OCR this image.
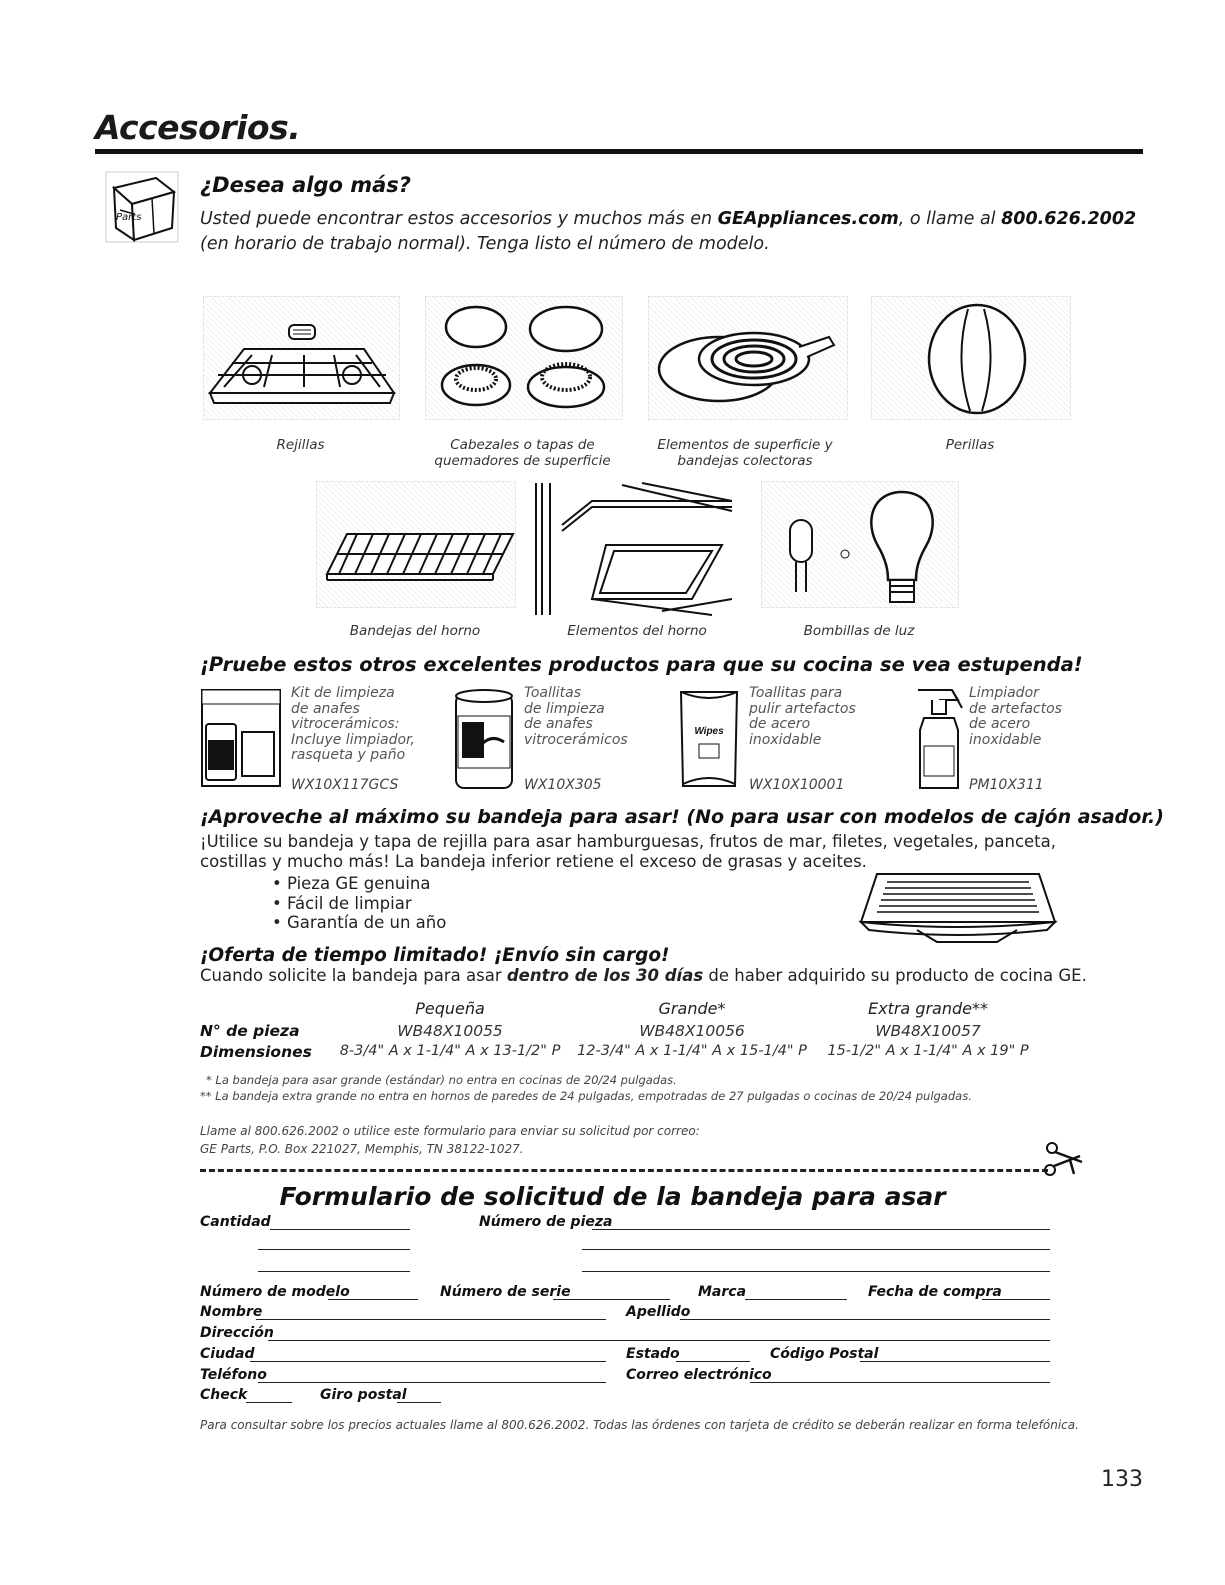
Accesorios.
Parts
¿Desea algo más?
Usted puede encontrar estos accesorios y muchos más en GEAppliances.com, o llame al 800.626.2002
(en horario de trabajo normal). Tenga listo el número de modelo.
Rejillas	Cabezales o tapas de quemadores de superficie
Elementos de superficie y bandejas colectoras
Perillas
Bandejas del horno	Elementos del horno	Bombillas de luz
¡Pruebe estos otros excelentes productos para que su cocina se vea estupenda!
Kit de limpieza
de anafes
vitrocerámicos:
Incluye limpiador,
rasqueta y paño
WX10X117GCS
Toallitas
de limpieza
de anafes
vitrocerámicos
WX10X305
Wipes
Toallitas para
pulir artefactos
de acero
inoxidable
WX10X10001
Limpiador
de artefactos
de acero
inoxidable
PM10X311
¡Aproveche al máximo su bandeja para asar! (No para usar con modelos de cajón asador.)
¡Utilice su bandeja y tapa de rejilla para asar hamburguesas, frutos de mar, filetes, vegetales, panceta,
costillas y mucho más! La bandeja inferior retiene el exceso de grasas y aceites.
• Pieza GE genuina
• Fácil de limpiar
• Garantía de un año
¡Oferta de tiempo limitado! ¡Envío sin cargo!
Cuando solicite la bandeja para asar dentro de los 30 días de haber adquirido su producto de cocina GE.
Pequeña	Grande*	Extra grande**
N° de pieza	WB48X10055	WB48X10056	WB48X10057
Dimensiones	8-3/4" A x 1-1/4" A x 13-1/2" P	12-3/4" A x 1-1/4" A x 15-1/4" P	15-1/2" A x 1-1/4" A x 19" P
* La bandeja para asar grande (estándar) no entra en cocinas de 20/24 pulgadas.
** La bandeja extra grande no entra en hornos de paredes de 24 pulgadas, empotradas de 27 pulgadas o cocinas de 20/24 pulgadas.
Llame al 800.626.2002 o utilice este formulario para enviar su solicitud por correo:
GE Parts, P.O. Box 221027, Memphis, TN 38122-1027.
Formulario de solicitud de la bandeja para asar
Cantidad	Número de pieza
Número de modelo	Número de serie	Marca	Fecha de compra
Nombre	Apellido
Dirección
Ciudad	Estado	Código Postal
Teléfono	Correo electrónico
Check	Giro postal
Para consultar sobre los precios actuales llame al 800.626.2002. Todas las órdenes con tarjeta de crédito se deberán realizar en forma telefónica.
133
